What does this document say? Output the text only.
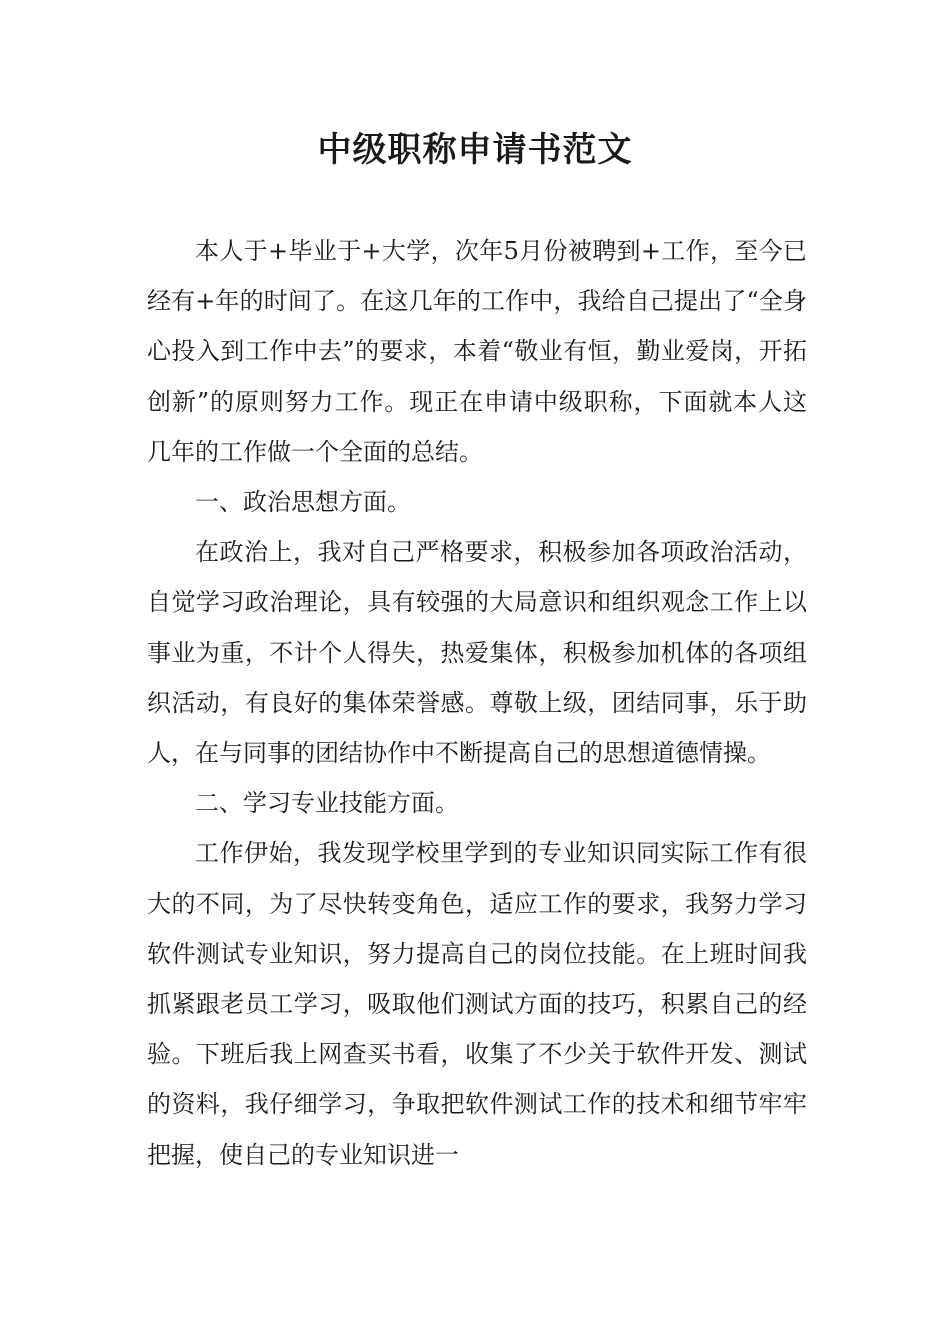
中级职称申请书范文

本人于+毕业于+大学，次年5月份被聘到+工作，至今已经有+年的时间了。在这几年的工作中，我给自己提出了“全身心投入到工作中去”的要求，本着“敬业有恒，勤业爱岗，开拓创新”的原则努力工作。现正在申请中级职称，下面就本人这几年的工作做一个全面的总结。

一、政治思想方面。

在政治上，我对自己严格要求，积极参加各项政治活动，自觉学习政治理论，具有较强的大局意识和组织观念工作上以事业为重，不计个人得失，热爱集体，积极参加机体的各项组织活动，有良好的集体荣誉感。尊敬上级，团结同事，乐于助人，在与同事的团结协作中不断提高自己的思想道德情操。

二、学习专业技能方面。

工作伊始，我发现学校里学到的专业知识同实际工作有很大的不同，为了尽快转变角色，适应工作的要求，我努力学习软件测试专业知识，努力提高自己的岗位技能。在上班时间我抓紧跟老员工学习，吸取他们测试方面的技巧，积累自己的经验。下班后我上网查买书看，收集了不少关于软件开发、测试的资料，我仔细学习，争取把软件测试工作的技术和细节牢牢把握，使自己的专业知识进一
